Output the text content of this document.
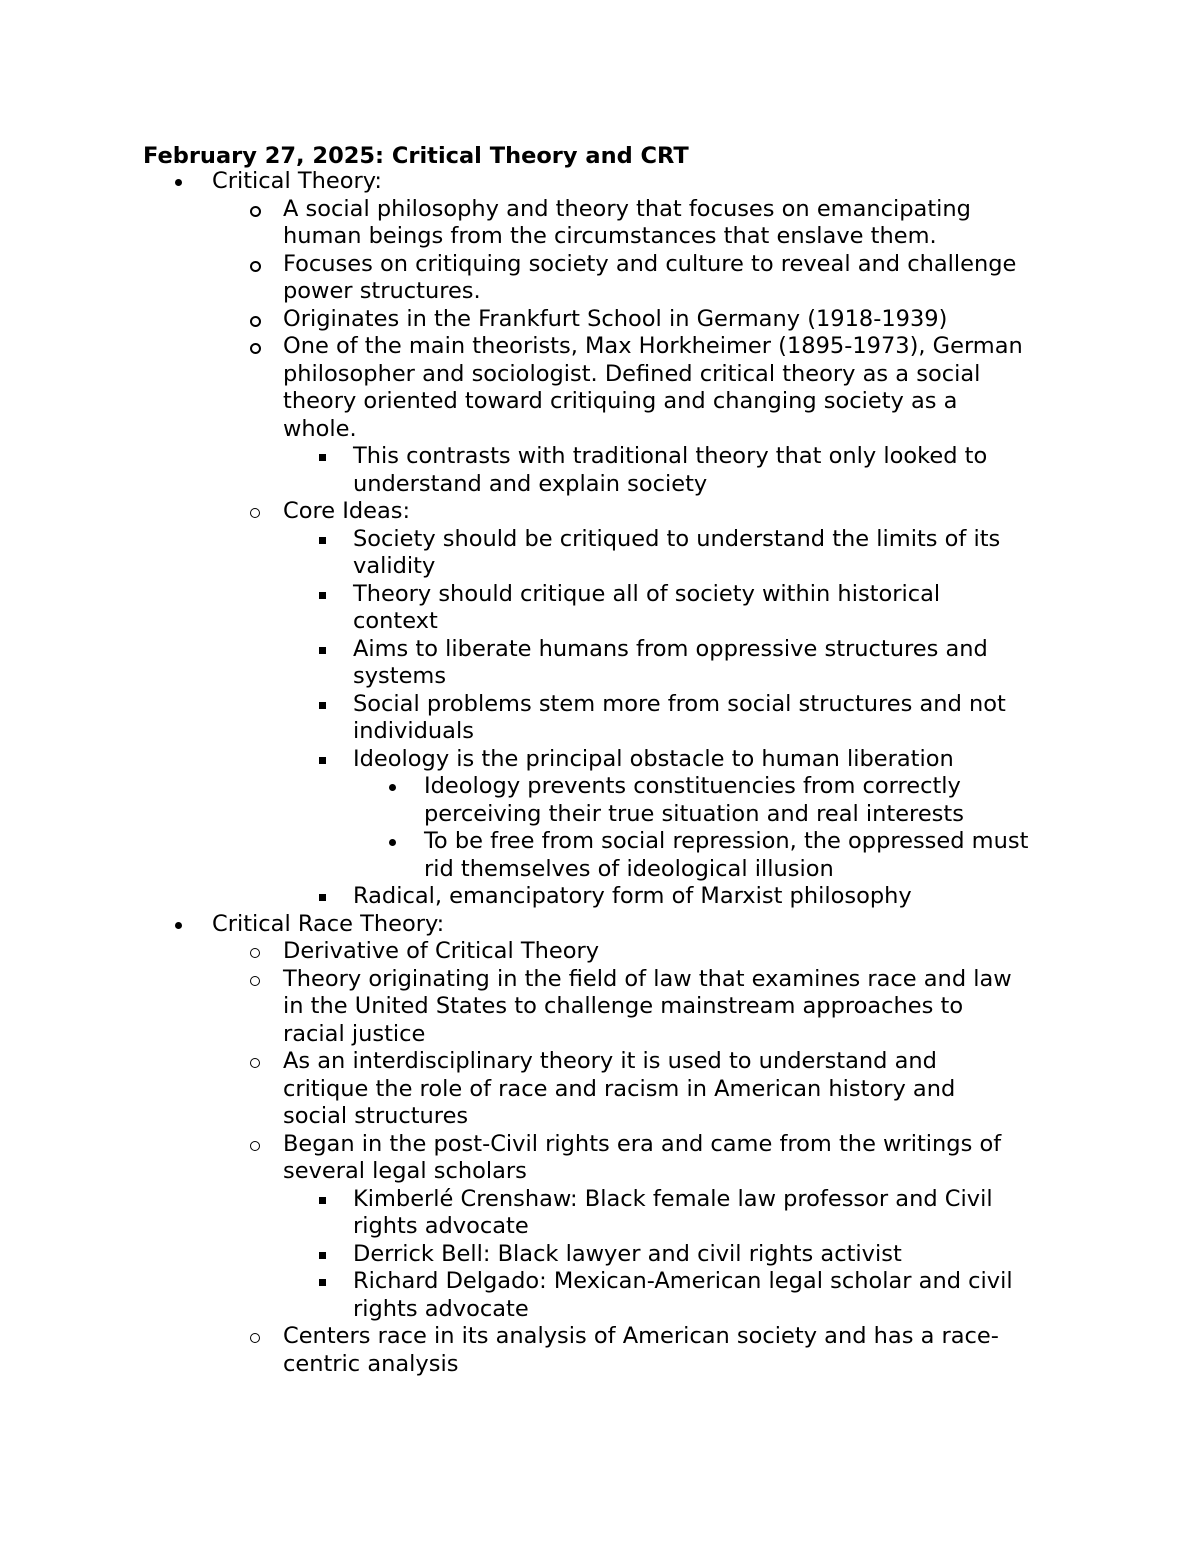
February 27, 2025: Critical Theory and CRT
Critical Theory:
A social philosophy and theory that focuses on emancipating
human beings from the circumstances that enslave them.
Focuses on critiquing society and culture to reveal and challenge
power structures.
Originates in the Frankfurt School in Germany (1918-1939)
One of the main theorists, Max Horkheimer (1895-1973), German
philosopher and sociologist. Defined critical theory as a social
theory oriented toward critiquing and changing society as a
whole.
This contrasts with traditional theory that only looked to
understand and explain society
Core Ideas:
Society should be critiqued to understand the limits of its
validity
Theory should critique all of society within historical
context
Aims to liberate humans from oppressive structures and
systems
Social problems stem more from social structures and not
individuals
Ideology is the principal obstacle to human liberation
Ideology prevents constituencies from correctly
perceiving their true situation and real interests
To be free from social repression, the oppressed must
rid themselves of ideological illusion
Radical, emancipatory form of Marxist philosophy
Critical Race Theory:
Derivative of Critical Theory
Theory originating in the field of law that examines race and law
in the United States to challenge mainstream approaches to
racial justice
As an interdisciplinary theory it is used to understand and
critique the role of race and racism in American history and
social structures
Began in the post-Civil rights era and came from the writings of
several legal scholars
Kimberlé Crenshaw: Black female law professor and Civil
rights advocate
Derrick Bell: Black lawyer and civil rights activist
Richard Delgado: Mexican-American legal scholar and civil
rights advocate
Centers race in its analysis of American society and has a race-
centric analysis
